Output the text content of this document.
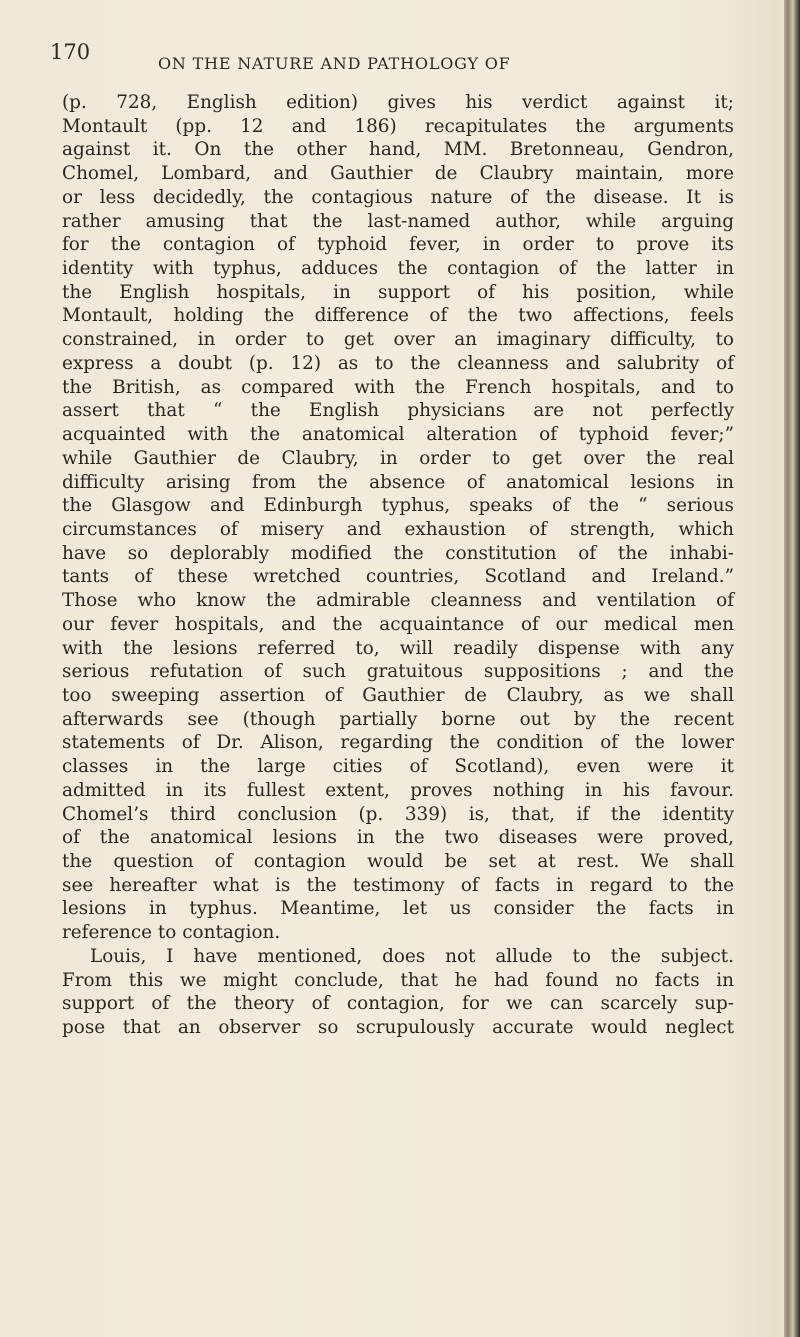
170	ON THE NATURE AND PATHOLOGY OF
(p. 728, English edition) gives his verdict against it;
Montault (pp. 12 and 186) recapitulates the arguments
against it. On the other hand, MM. Bretonneau, Gendron,
Chomel, Lombard, and Gauthier de Claubry maintain, more
or less decidedly, the contagious nature of the disease. It is
rather amusing that the last-named author, while arguing
for the contagion of typhoid fever, in order to prove its
identity with typhus, adduces the contagion of the latter in
the English hospitals, in support of his position, while
Montault, holding the difference of the two affections, feels
constrained, in order to get over an imaginary difficulty, to
express a doubt (p. 12) as to the cleanness and salubrity of
the British, as compared with the French hospitals, and to
assert that “ the English physicians are not perfectly
acquainted with the anatomical alteration of typhoid fever;”
while Gauthier de Claubry, in order to get over the real
difficulty arising from the absence of anatomical lesions in
the Glasgow and Edinburgh typhus, speaks of the “ serious
circumstances of misery and exhaustion of strength, which
have so deplorably modified the constitution of the inhabi-
tants of these wretched countries, Scotland and Ireland.”
Those who know the admirable cleanness and ventilation of
our fever hospitals, and the acquaintance of our medical men
with the lesions referred to, will readily dispense with any
serious refutation of such gratuitous suppositions ; and the
too sweeping assertion of Gauthier de Claubry, as we shall
afterwards see (though partially borne out by the recent
statements of Dr. Alison, regarding the condition of the lower
classes in the large cities of Scotland), even were it
admitted in its fullest extent, proves nothing in his favour.
Chomel’s third conclusion (p. 339) is, that, if the identity
of the anatomical lesions in the two diseases were proved,
the question of contagion would be set at rest. We shall
see hereafter what is the testimony of facts in regard to the
lesions in typhus. Meantime, let us consider the facts in
reference to contagion.
Louis, I have mentioned, does not allude to the subject.
From this we might conclude, that he had found no facts in
support of the theory of contagion, for we can scarcely sup-
pose that an observer so scrupulously accurate would neglect
